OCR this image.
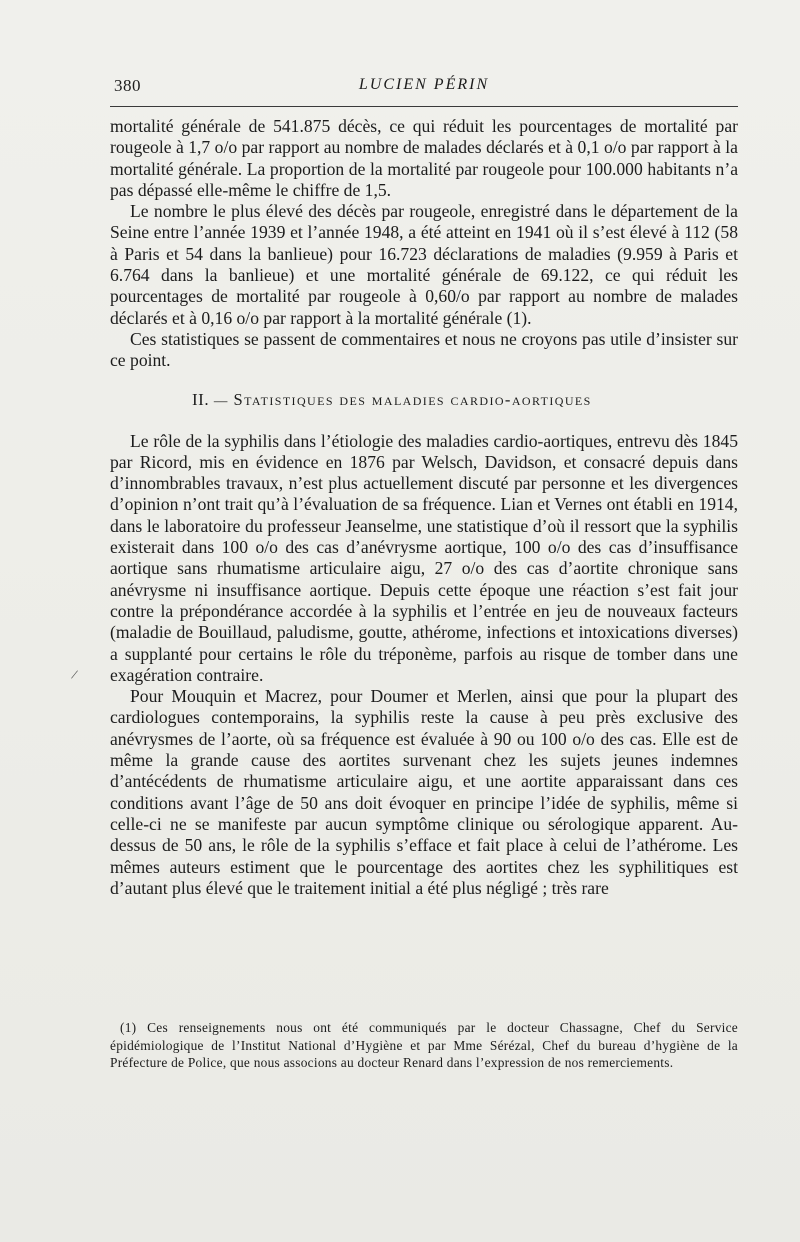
380	LUCIEN PÉRIN

mortalité générale de 541.875 décès, ce qui réduit les pourcentages de mortalité par rougeole à 1,7 o/o par rapport au nombre de malades déclarés et à 0,1 o/o par rapport à la mortalité générale. La proportion de la mortalité par rougeole pour 100.000 habitants n’a pas dépassé elle-même le chiffre de 1,5.

Le nombre le plus élevé des décès par rougeole, enregistré dans le département de la Seine entre l’année 1939 et l’année 1948, a été atteint en 1941 où il s’est élevé à 112 (58 à Paris et 54 dans la banlieue) pour 16.723 déclarations de maladies (9.959 à Paris et 6.764 dans la banlieue) et une mortalité générale de 69.122, ce qui réduit les pourcentages de mortalité par rougeole à 0,60/o par rapport au nombre de malades déclarés et à 0,16 o/o par rapport à la mortalité générale (1).

Ces statistiques se passent de commentaires et nous ne croyons pas utile d’insister sur ce point.

II. — Statistiques des maladies cardio-aortiques

Le rôle de la syphilis dans l’étiologie des maladies cardio-aortiques, entrevu dès 1845 par Ricord, mis en évidence en 1876 par Welsch, Davidson, et consacré depuis dans d’innombrables travaux, n’est plus actuellement discuté par personne et les divergences d’opinion n’ont trait qu’à l’évaluation de sa fréquence. Lian et Vernes ont établi en 1914, dans le laboratoire du professeur Jeanselme, une statistique d’où il ressort que la syphilis existerait dans 100 o/o des cas d’anévrysme aortique, 100 o/o des cas d’insuffisance aortique sans rhumatisme articulaire aigu, 27 o/o des cas d’aortite chronique sans anévrysme ni insuffisance aortique. Depuis cette époque une réaction s’est fait jour contre la prépondérance accordée à la syphilis et l’entrée en jeu de nouveaux facteurs (maladie de Bouillaud, paludisme, goutte, athérome, infections et intoxications diverses) a supplanté pour certains le rôle du tréponème, parfois au risque de tomber dans une exagération contraire.

Pour Mouquin et Macrez, pour Doumer et Merlen, ainsi que pour la plupart des cardiologues contemporains, la syphilis reste la cause à peu près exclusive des anévrysmes de l’aorte, où sa fréquence est évaluée à 90 ou 100 o/o des cas. Elle est de même la grande cause des aortites survenant chez les sujets jeunes indemnes d’antécédents de rhumatisme articulaire aigu, et une aortite apparaissant dans ces conditions avant l’âge de 50 ans doit évoquer en principe l’idée de syphilis, même si celle-ci ne se manifeste par aucun symptôme clinique ou sérologique apparent. Au-dessus de 50 ans, le rôle de la syphilis s’efface et fait place à celui de l’athérome. Les mêmes auteurs estiment que le pourcentage des aortites chez les syphilitiques est d’autant plus élevé que le traitement initial a été plus négligé ; très rare

/

(1) Ces renseignements nous ont été communiqués par le docteur Chassagne, Chef du Service épidémiologique de l’Institut National d’Hygiène et par Mme Sérézal, Chef du bureau d’hygiène de la Préfecture de Police, que nous associons au docteur Renard dans l’expression de nos remerciements.
